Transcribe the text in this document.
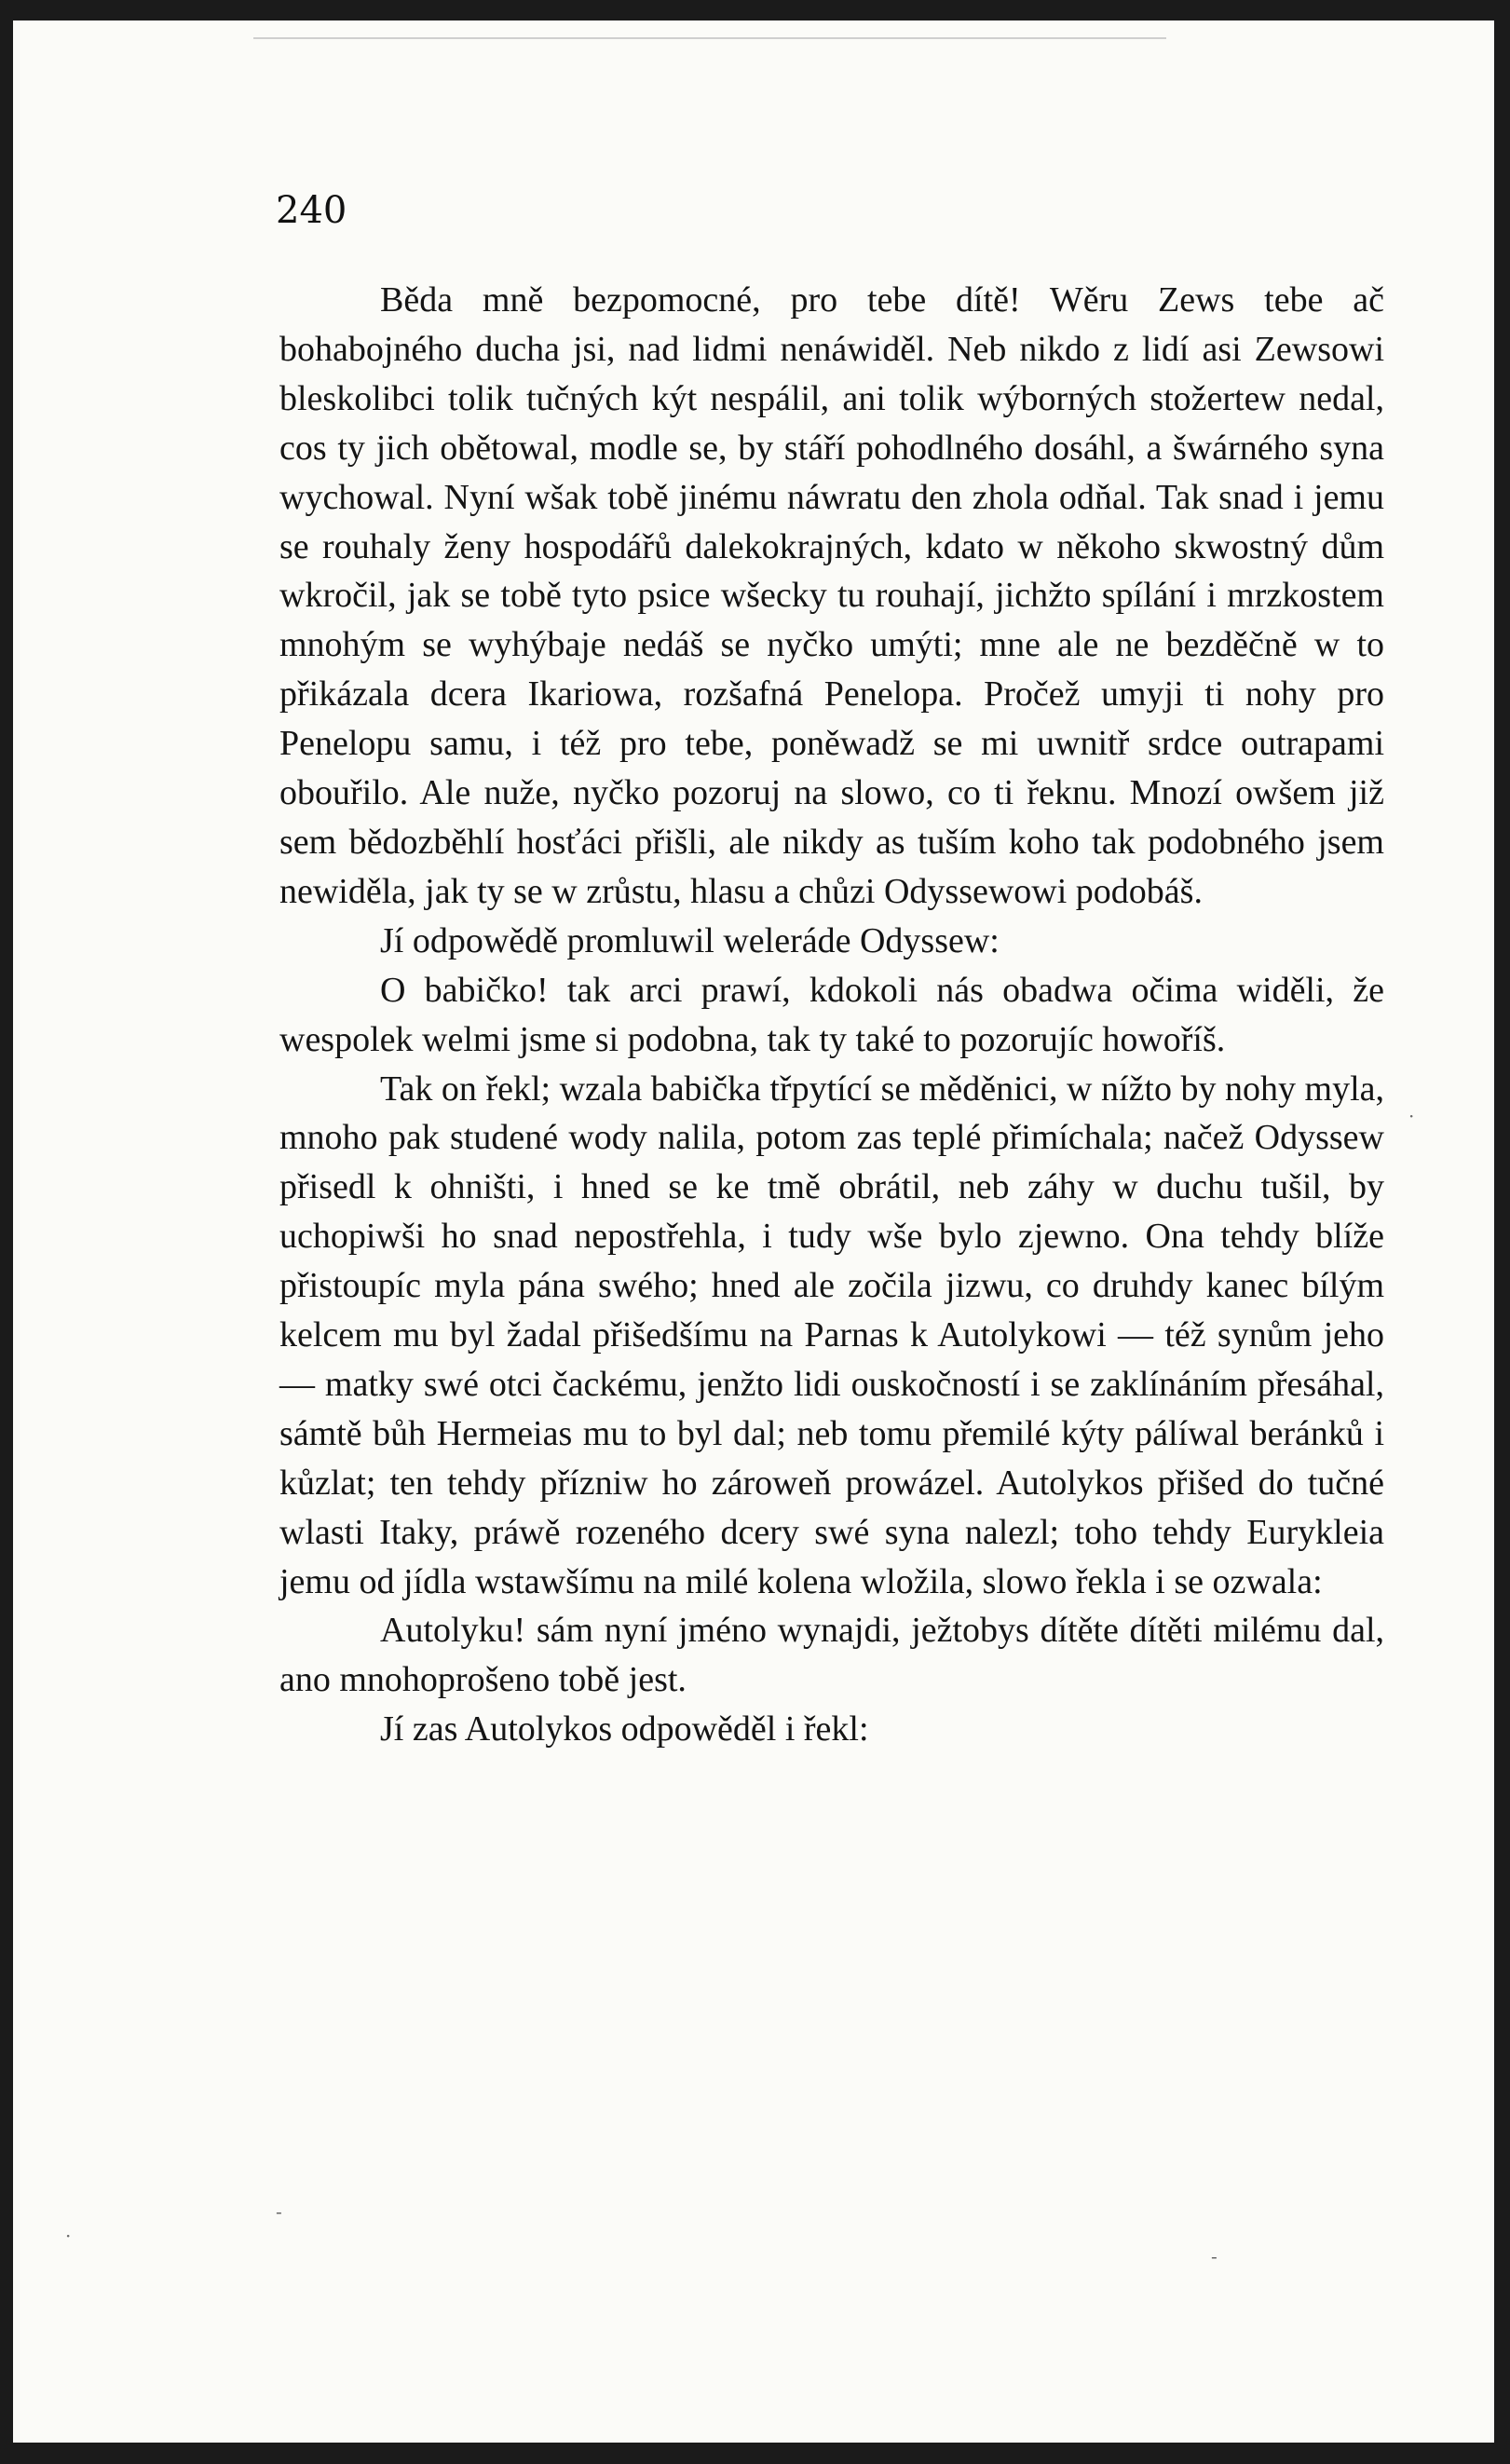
240

Běda mně bezpomocné, pro tebe dítě! Wěru Zews tebe ač bohabojného ducha jsi, nad lidmi nenáwiděl. Neb nikdo z lidí asi Zewsowi bleskolibci tolik tučných kýt nespálil, ani tolik wýborných stožertew nedal, cos ty jich obětowal, modle se, by stáří pohodlného dosáhl, a šwárného syna wychowal. Nyní wšak tobě jinému náwratu den zhola odňal. Tak snad i jemu se rouhaly ženy hospodářů dalekokrajných, kdato w někoho skwostný dům wkročil, jak se tobě tyto psice wšecky tu rouhají, jichžto spílání i mrzkostem mnohým se wyhýbaje nedáš se nyčko umýti; mne ale ne bezděčně w to přikázala dcera Ikariowa, rozšafná Penelopa. Pročež umyji ti nohy pro Penelopu samu, i též pro tebe, poněwadž se mi uwnitř srdce outrapami obouřilo. Ale nuže, nyčko pozoruj na slowo, co ti řeknu. Mnozí owšem již sem bědozběhlí hosťáci přišli, ale nikdy as tuším koho tak podobného jsem newiděla, jak ty se w zrůstu, hlasu a chůzi Odyssewowi podobáš.

Jí odpowědě promluwil weleráde Odyssew:

O babičko! tak arci prawí, kdokoli nás obadwa očima widěli, že wespolek welmi jsme si podobna, tak ty také to pozorujíc howoříš.

Tak on řekl; wzala babička třpytící se měděnici, w nížto by nohy myla, mnoho pak studené wody nalila, potom zas teplé přimíchala; načež Odyssew přisedl k ohništi, i hned se ke tmě obrátil, neb záhy w duchu tušil, by uchopiwši ho snad nepostřehla, i tudy wše bylo zjewno. Ona tehdy blíže přistoupíc myla pána swého; hned ale zočila jizwu, co druhdy kanec bílým kelcem mu byl žadal přišedšímu na Parnas k Autolykowi — též synům jeho — matky swé otci čackému, jenžto lidi ouskočností i se zaklínáním přesáhal, sámtě bůh Hermeias mu to byl dal; neb tomu přemilé kýty pálíwal beránků i kůzlat; ten tehdy přízniw ho zároweň prowázel. Autolykos přišed do tučné wlasti Itaky, práwě rozeného dcery swé syna nalezl; toho tehdy Eurykleia jemu od jídla wstawšímu na milé kolena wložila, slowo řekla i se ozwala:

Autolyku! sám nyní jméno wynajdi, ježtobys dítěte dítěti milému dal, ano mnohoprošeno tobě jest.

Jí zas Autolykos odpowěděl i řekl:

·
·
-
-
